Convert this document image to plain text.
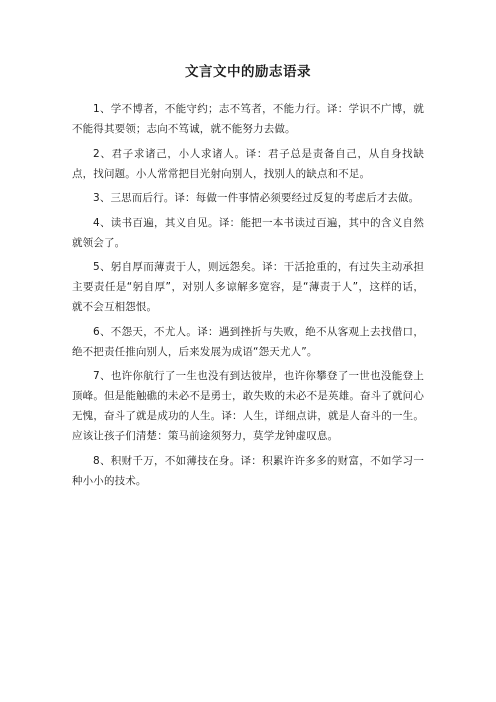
文言文中的励志语录

1、学不博者，不能守约；志不笃者，不能力行。译：学识不广博，就不能得其要领；志向不笃诚，就不能努力去做。

2、君子求诸己，小人求诸人。译：君子总是责备自己，从自身找缺点，找问题。小人常常把目光射向别人，找别人的缺点和不足。

3、三思而后行。译：每做一件事情必须要经过反复的考虑后才去做。

4、读书百遍，其义自见。译：能把一本书读过百遍，其中的含义自然就领会了。

5、躬自厚而薄责于人，则远怨矣。译：干活抢重的，有过失主动承担主要责任是“躬自厚”，对别人多谅解多宽容，是“薄责于人”，这样的话，就不会互相怨恨。

6、不怨天，不尤人。译：遇到挫折与失败，绝不从客观上去找借口，绝不把责任推向别人，后来发展为成语“怨天尤人”。

7、也许你航行了一生也没有到达彼岸，也许你攀登了一世也没能登上顶峰。但是能触礁的未必不是勇士，敢失败的未必不是英雄。奋斗了就问心无愧，奋斗了就是成功的人生。译：人生，详细点讲，就是人奋斗的一生。应该让孩子们清楚：策马前途须努力，莫学龙钟虚叹息。

8、积财千万，不如薄技在身。译：积累许许多多的财富，不如学习一种小小的技术。
